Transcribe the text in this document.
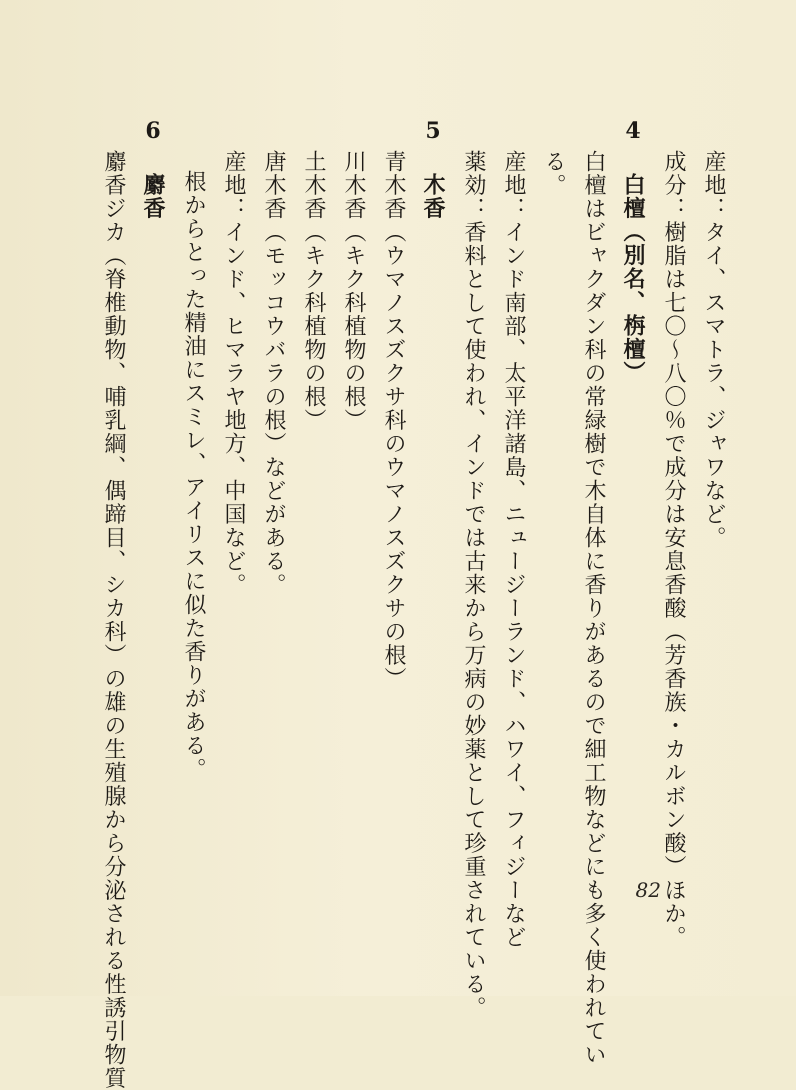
産地：タイ、スマトラ、ジャワなど。
成分：樹脂は七〇～八〇％で成分は安息香酸（芳香族・カルボン酸）ほか。
4 白檀（別名、栴檀）
白檀はビャクダン科の常緑樹で木自体に香りがあるので細工物などにも多く使われてい
る。
産地：インド南部、太平洋諸島、ニュージーランド、ハワイ、フィジーなど
薬効：香料として使われ、インドでは古来から万病の妙薬として珍重されている。
5 木香
青木香（ウマノスズクサ科のウマノスズクサの根）
川木香（キク科植物の根）
土木香（キク科植物の根）
唐木香（モッコウバラの根）などがある。
産地：インド、ヒマラヤ地方、中国など。
根からとった精油にスミレ、アイリスに似た香りがある。
6 麝香
麝香ジカ（脊椎動物、哺乳綱、偶蹄目、シカ科）の雄の生殖腺から分泌される性誘引物質	82
